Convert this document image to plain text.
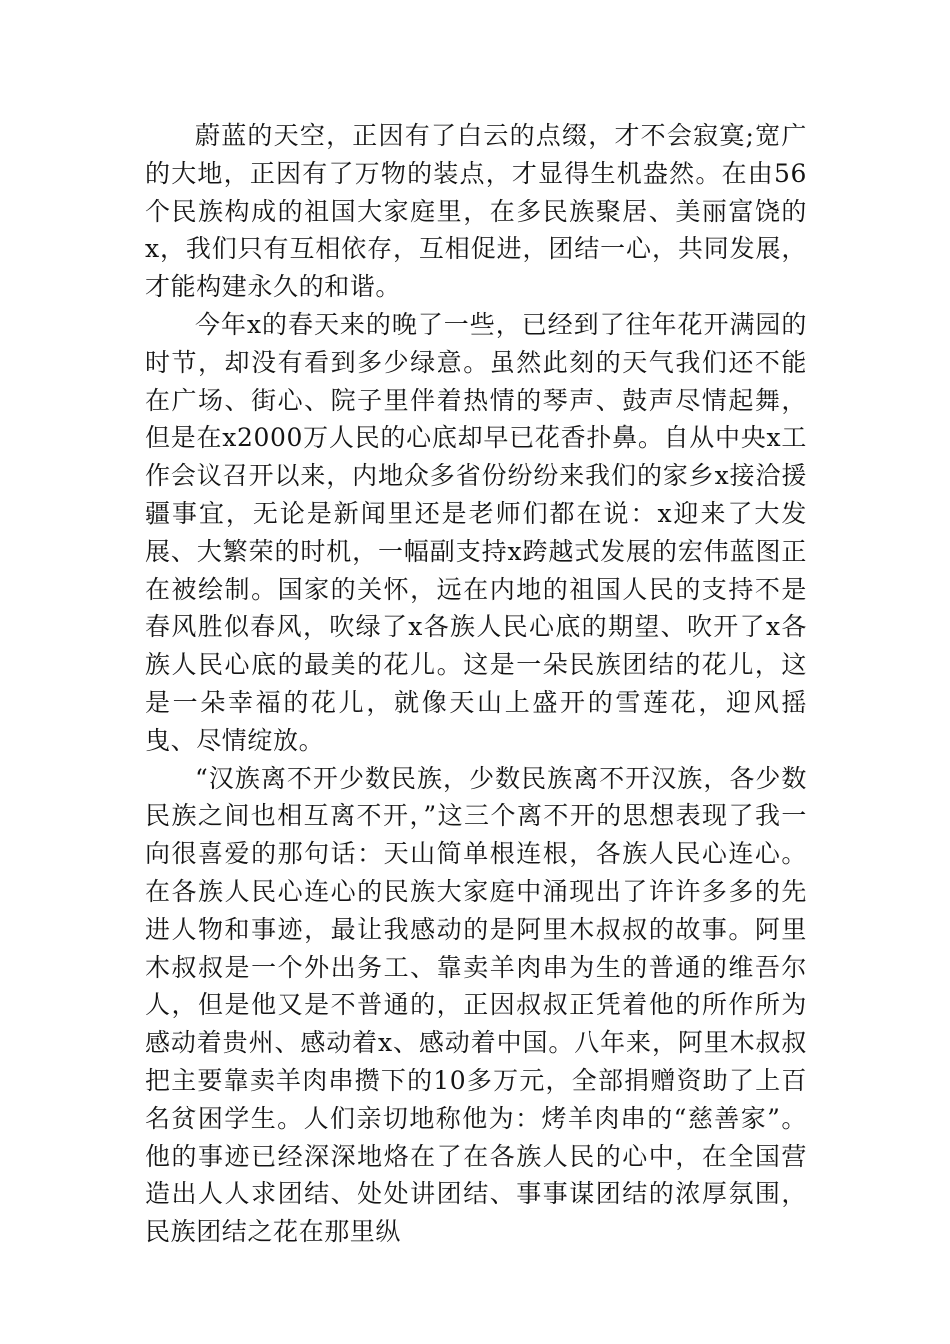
蔚蓝的天空，正因有了白云的点缀，才不会寂寞;宽广的大地，正因有了万物的装点，才显得生机盎然。在由56个民族构成的祖国大家庭里，在多民族聚居、美丽富饶的x，我们只有互相依存，互相促进，团结一心，共同发展，才能构建永久的和谐。

今年x的春天来的晚了一些，已经到了往年花开满园的时节，却没有看到多少绿意。虽然此刻的天气我们还不能在广场、街心、院子里伴着热情的琴声、鼓声尽情起舞，但是在x2000万人民的心底却早已花香扑鼻。自从中央x工作会议召开以来，内地众多省份纷纷来我们的家乡x接洽援疆事宜，无论是新闻里还是老师们都在说：x迎来了大发展、大繁荣的时机，一幅副支持x跨越式发展的宏伟蓝图正在被绘制。国家的关怀，远在内地的祖国人民的支持不是春风胜似春风，吹绿了x各族人民心底的期望、吹开了x各族人民心底的最美的花儿。这是一朵民族团结的花儿，这是一朵幸福的花儿，就像天山上盛开的雪莲花，迎风摇曳、尽情绽放。

“汉族离不开少数民族，少数民族离不开汉族，各少数民族之间也相互离不开，”这三个离不开的思想表现了我一向很喜爱的那句话：天山简单根连根，各族人民心连心。在各族人民心连心的民族大家庭中涌现出了许许多多的先进人物和事迹，最让我感动的是阿里木叔叔的故事。阿里木叔叔是一个外出务工、靠卖羊肉串为生的普通的维吾尔人，但是他又是不普通的，正因叔叔正凭着他的所作所为感动着贵州、感动着x、感动着中国。八年来，阿里木叔叔把主要靠卖羊肉串攒下的10多万元，全部捐赠资助了上百名贫困学生。人们亲切地称他为：烤羊肉串的“慈善家”。他的事迹已经深深地烙在了在各族人民的心中，在全国营造出人人求团结、处处讲团结、事事谋团结的浓厚氛围，民族团结之花在那里纵
